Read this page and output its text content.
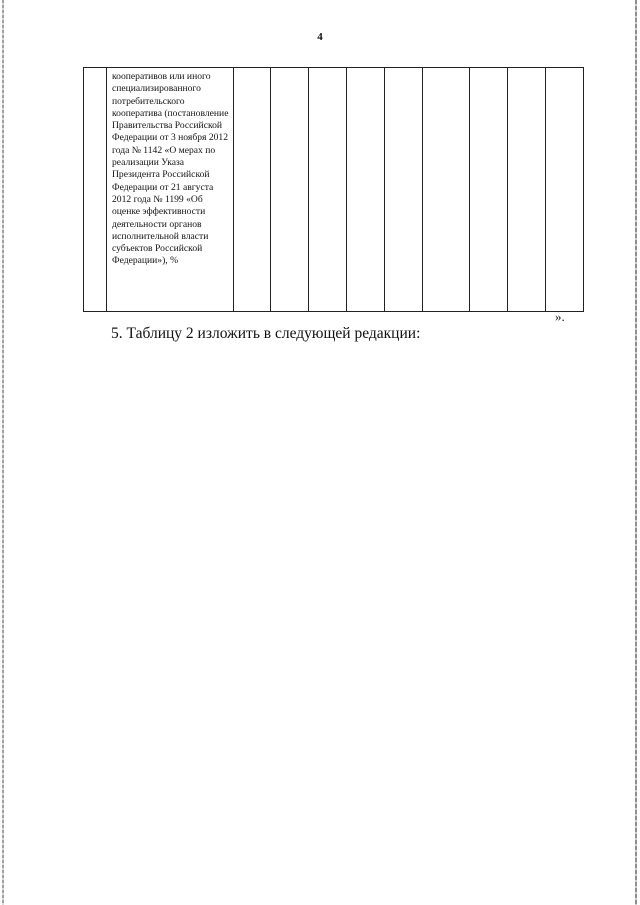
4
	кооперативов или иного специализированного потребительского кооператива (постановление Правительства Российской Федерации от 3 ноября 2012 года № 1142 «О мерах по реализации Указа Президента Российской Федерации от 21 августа 2012 года № 1199 «Об оценке эффективности деятельности органов исполнительной власти субъектов Российской Федерации»), %									
».
5. Таблицу 2 изложить в следующей редакции:
